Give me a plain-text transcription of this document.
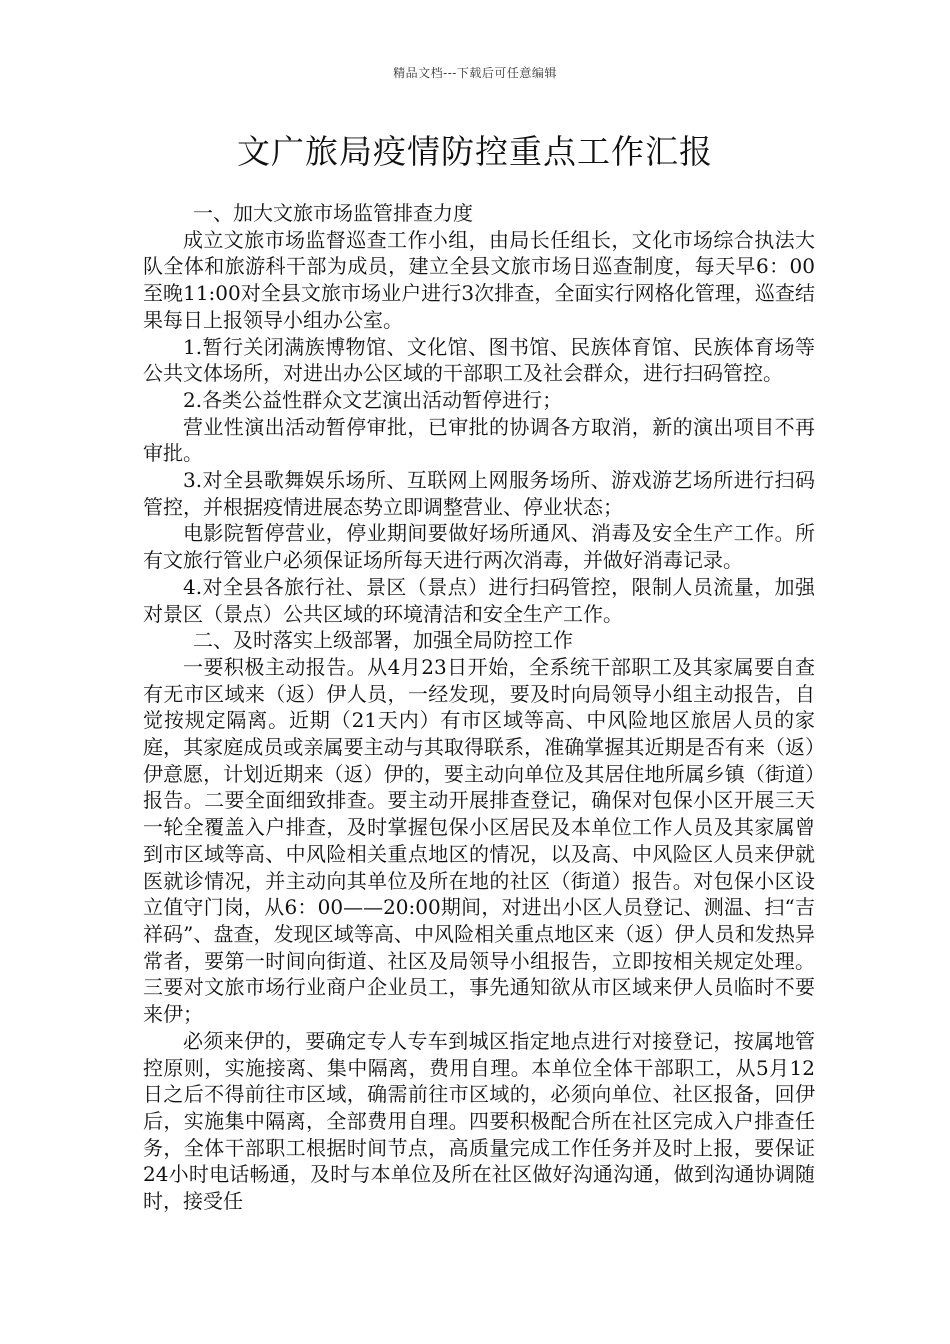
精品文档---下载后可任意编辑
文广旅局疫情防控重点工作汇报

一、加大文旅市场监管排查力度

成立文旅市场监督巡查工作小组，由局长任组长，文化市场综合执法大队全体和旅游科干部为成员，建立全县文旅市场日巡查制度，每天早6：00至晚11:00对全县文旅市场业户进行3次排查，全面实行网格化管理，巡查结果每日上报领导小组办公室。

1.暂行关闭满族博物馆、文化馆、图书馆、民族体育馆、民族体育场等公共文体场所，对进出办公区域的干部职工及社会群众，进行扫码管控。

2.各类公益性群众文艺演出活动暂停进行；

营业性演出活动暂停审批，已审批的协调各方取消，新的演出项目不再审批。

3.对全县歌舞娱乐场所、互联网上网服务场所、游戏游艺场所进行扫码管控，并根据疫情进展态势立即调整营业、停业状态；

电影院暂停营业，停业期间要做好场所通风、消毒及安全生产工作。所有文旅行管业户必须保证场所每天进行两次消毒，并做好消毒记录。

4.对全县各旅行社、景区（景点）进行扫码管控，限制人员流量，加强对景区（景点）公共区域的环境清洁和安全生产工作。

二、及时落实上级部署，加强全局防控工作

一要积极主动报告。从4月23日开始，全系统干部职工及其家属要自查有无市区域来（返）伊人员，一经发现，要及时向局领导小组主动报告，自觉按规定隔离。近期（21天内）有市区域等高、中风险地区旅居人员的家庭，其家庭成员或亲属要主动与其取得联系，准确掌握其近期是否有来（返）伊意愿，计划近期来（返）伊的，要主动向单位及其居住地所属乡镇（街道）报告。二要全面细致排查。要主动开展排查登记，确保对包保小区开展三天一轮全覆盖入户排查，及时掌握包保小区居民及本单位工作人员及其家属曾到市区域等高、中风险相关重点地区的情况，以及高、中风险区人员来伊就医就诊情况，并主动向其单位及所在地的社区（街道）报告。对包保小区设立值守门岗，从6：00——20:00期间，对进出小区人员登记、测温、扫“吉祥码”、盘查，发现区域等高、中风险相关重点地区来（返）伊人员和发热异常者，要第一时间向街道、社区及局领导小组报告，立即按相关规定处理。三要对文旅市场行业商户企业员工，事先通知欲从市区域来伊人员临时不要来伊；

必须来伊的，要确定专人专车到城区指定地点进行对接登记，按属地管控原则，实施接离、集中隔离，费用自理。本单位全体干部职工，从5月12日之后不得前往市区域，确需前往市区域的，必须向单位、社区报备，回伊后，实施集中隔离，全部费用自理。四要积极配合所在社区完成入户排查任务，全体干部职工根据时间节点，高质量完成工作任务并及时上报，要保证24小时电话畅通，及时与本单位及所在社区做好沟通沟通，做到沟通协调随时，接受任
